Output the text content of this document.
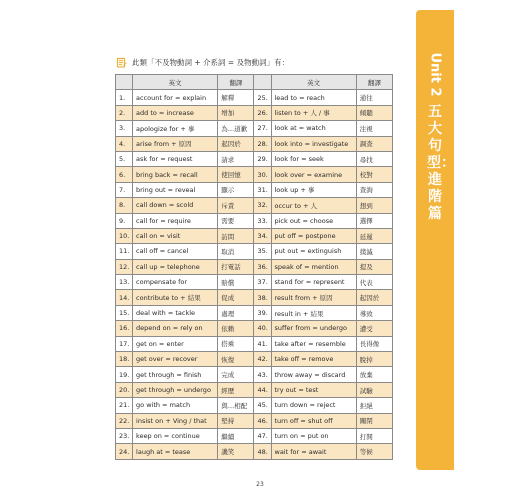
Unit 2
五大句型：進階篇
此類「不及物動詞 + 介系詞 = 及物動詞」有：
	英文	翻譯		英文	翻譯
1.	account for = explain	解釋	25.	lead to = reach	通往
2.	add to = increase	增加	26.	listen to + 人 / 事	傾聽
3.	apologize for + 事	為…道歉	27.	look at = watch	注視
4.	arise from + 原因	起因於	28.	look into = investigate	調查
5.	ask for = request	請求	29.	look for = seek	尋找
6.	bring back = recall	使回憶	30.	look over = examine	校對
7.	bring out = reveal	顯示	31.	look up + 事	查詢
8.	call down = scold	斥責	32.	occur to + 人	想到
9.	call for = require	需要	33.	pick out = choose	選擇
10.	call on = visit	訪問	34.	put off = postpone	延遲
11.	call off = cancel	取消	35.	put out = extinguish	撲滅
12.	call up = telephone	打電話	36.	speak of = mention	提及
13.	compensate for	賠償	37.	stand for = represent	代表
14.	contribute to + 結果	促成	38.	result from + 原因	起因於
15.	deal with = tackle	處理	39.	result in + 結果	導致
16.	depend on = rely on	依賴	40.	suffer from = undergo	遭受
17.	get on = enter	搭乘	41.	take after = resemble	長得像
18.	get over = recover	恢復	42.	take off = remove	脫掉
19.	get through = finish	完成	43.	throw away = discard	放棄
20.	get through = undergo	經歷	44.	try out = test	試驗
21.	go with = match	與…相配	45.	turn down = reject	拒絕
22.	insist on + Ving / that	堅持	46.	turn off = shut off	關閉
23.	keep on = continue	繼續	47.	turn on = put on	打開
24.	laugh at = tease	譏笑	48.	wait for = await	等候
23
